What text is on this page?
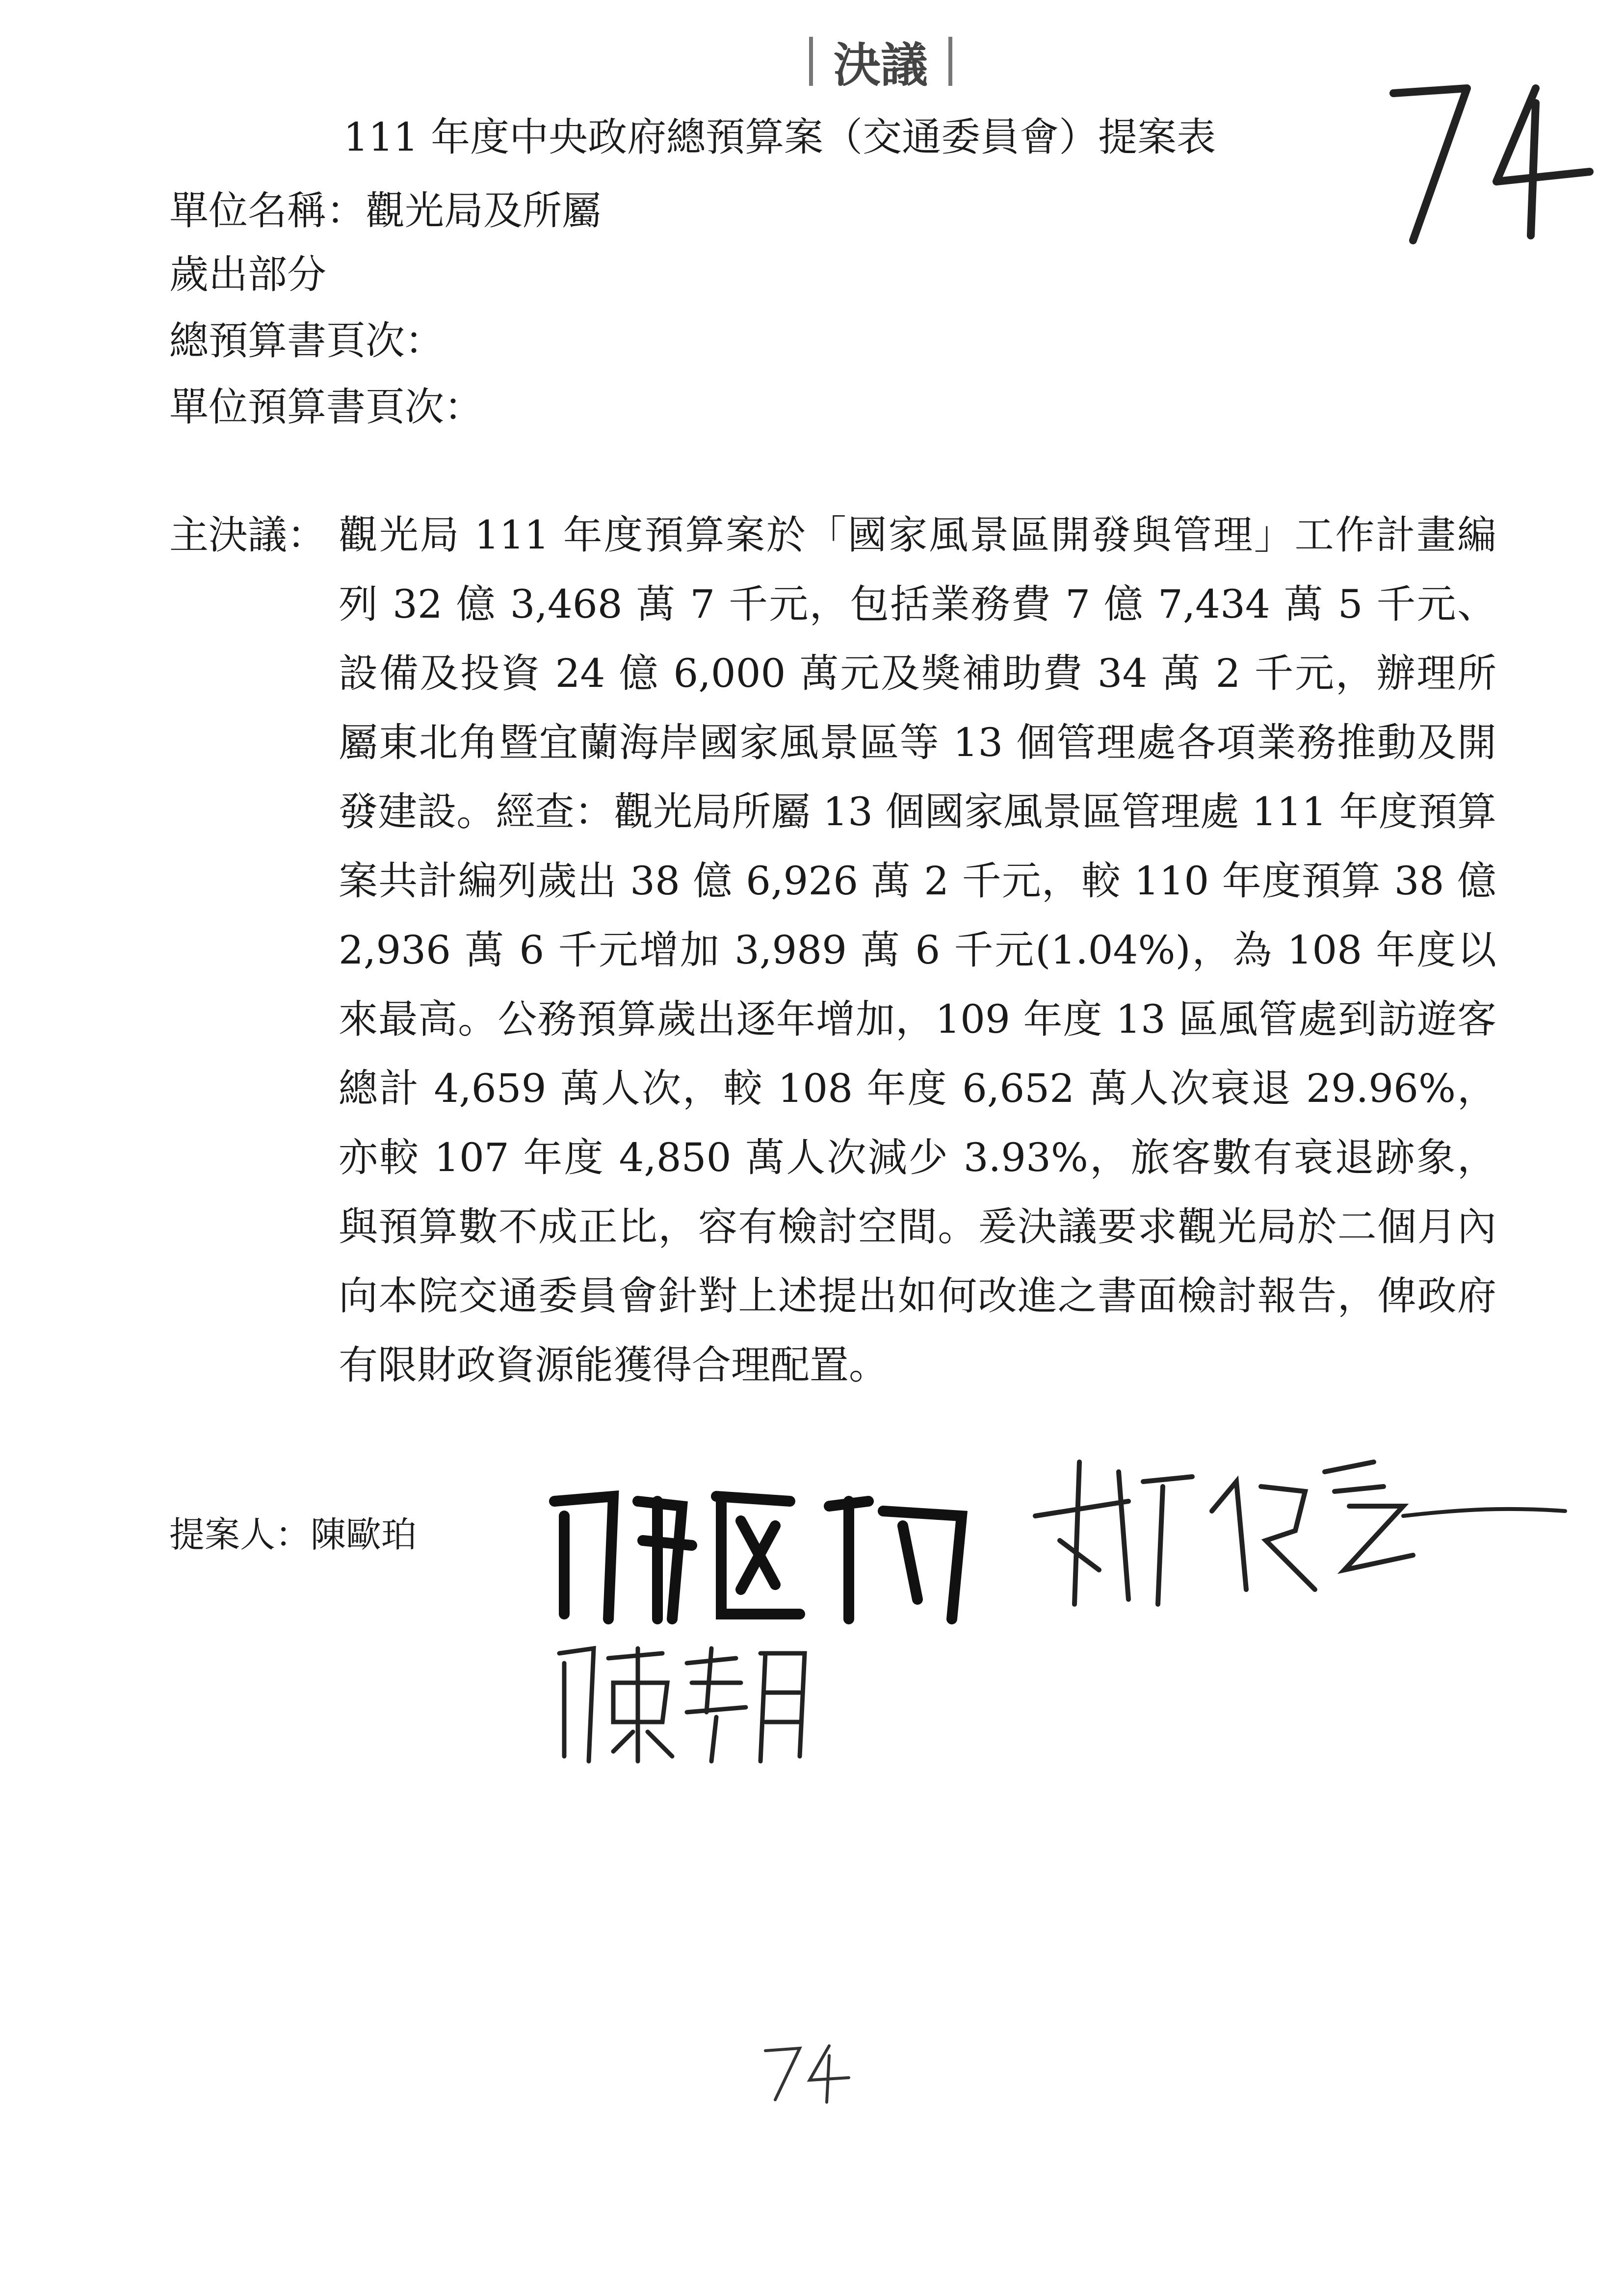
決議	74
111 年度中央政府總預算案（交通委員會）提案表
單位名稱：觀光局及所屬
歲出部分
總預算書頁次：
單位預算書頁次：
主決議： 觀光局 111 年度預算案於「國家風景區開發與管理」工作計畫編列 32 億 3,468 萬 7 千元，包括業務費 7 億 7,434 萬 5 千元、設備及投資 24 億 6,000 萬元及獎補助費 34 萬 2 千元，辦理所屬東北角暨宜蘭海岸國家風景區等 13 個管理處各項業務推動及開發建設。經查：觀光局所屬 13 個國家風景區管理處 111 年度預算案共計編列歲出 38 億 6,926 萬 2 千元，較 110 年度預算 38 億 2,936 萬 6 千元增加 3,989 萬 6 千元(1.04%)，為 108 年度以來最高。公務預算歲出逐年增加，109 年度 13 區風管處到訪遊客總計 4,659 萬人次，較 108 年度 6,652 萬人次衰退 29.96%，亦較 107 年度 4,850 萬人次減少 3.93%，旅客數有衰退跡象，與預算數不成正比，容有檢討空間。爰決議要求觀光局於二個月內向本院交通委員會針對上述提出如何改進之書面檢討報告，俾政府有限財政資源能獲得合理配置。
提案人：陳歐珀
